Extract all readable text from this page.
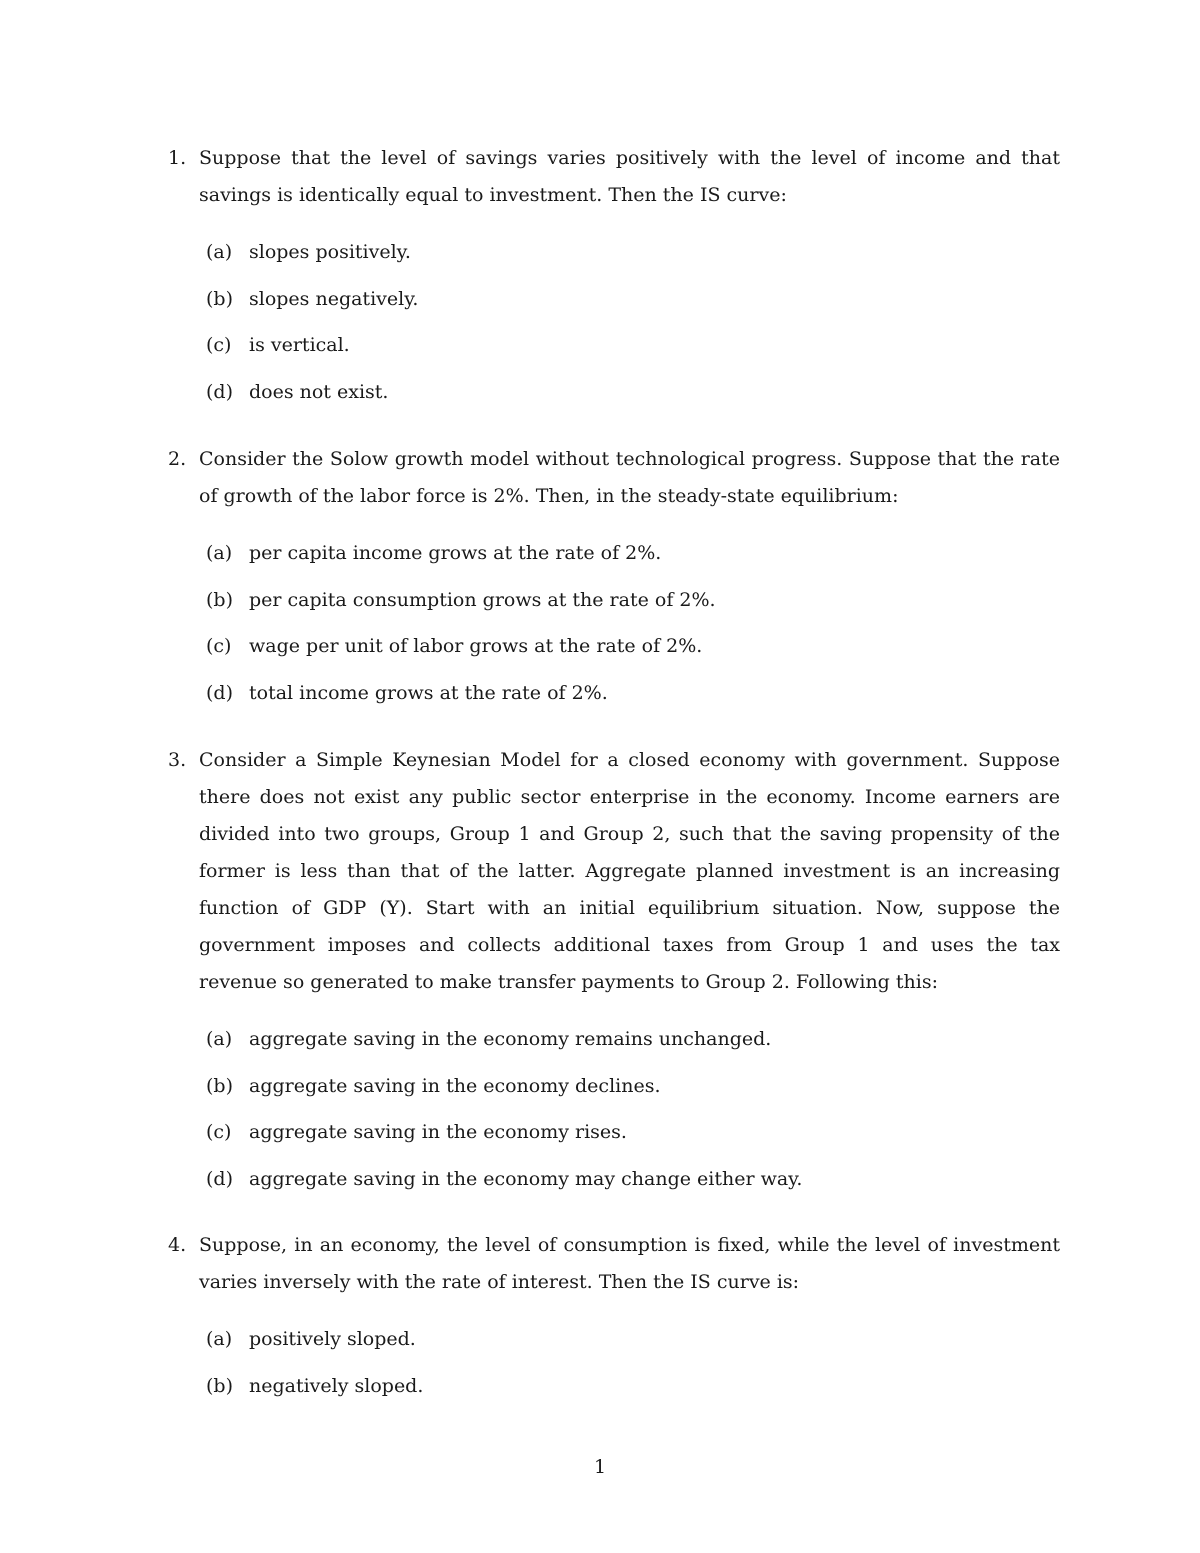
1. Suppose that the level of savings varies positively with the level of income and that savings is identically equal to investment. Then the IS curve:
(a) slopes positively.
(b) slopes negatively.
(c) is vertical.
(d) does not exist.
2. Consider the Solow growth model without technological progress. Suppose that the rate of growth of the labor force is 2%. Then, in the steady-state equilibrium:
(a) per capita income grows at the rate of 2%.
(b) per capita consumption grows at the rate of 2%.
(c) wage per unit of labor grows at the rate of 2%.
(d) total income grows at the rate of 2%.
3. Consider a Simple Keynesian Model for a closed economy with government. Suppose there does not exist any public sector enterprise in the economy. Income earners are divided into two groups, Group 1 and Group 2, such that the saving propensity of the former is less than that of the latter. Aggregate planned investment is an increasing function of GDP (Y). Start with an initial equilibrium situation. Now, suppose the government imposes and collects additional taxes from Group 1 and uses the tax revenue so generated to make transfer payments to Group 2. Following this:
(a) aggregate saving in the economy remains unchanged.
(b) aggregate saving in the economy declines.
(c) aggregate saving in the economy rises.
(d) aggregate saving in the economy may change either way.
4. Suppose, in an economy, the level of consumption is fixed, while the level of investment varies inversely with the rate of interest. Then the IS curve is:
(a) positively sloped.
(b) negatively sloped.
1
